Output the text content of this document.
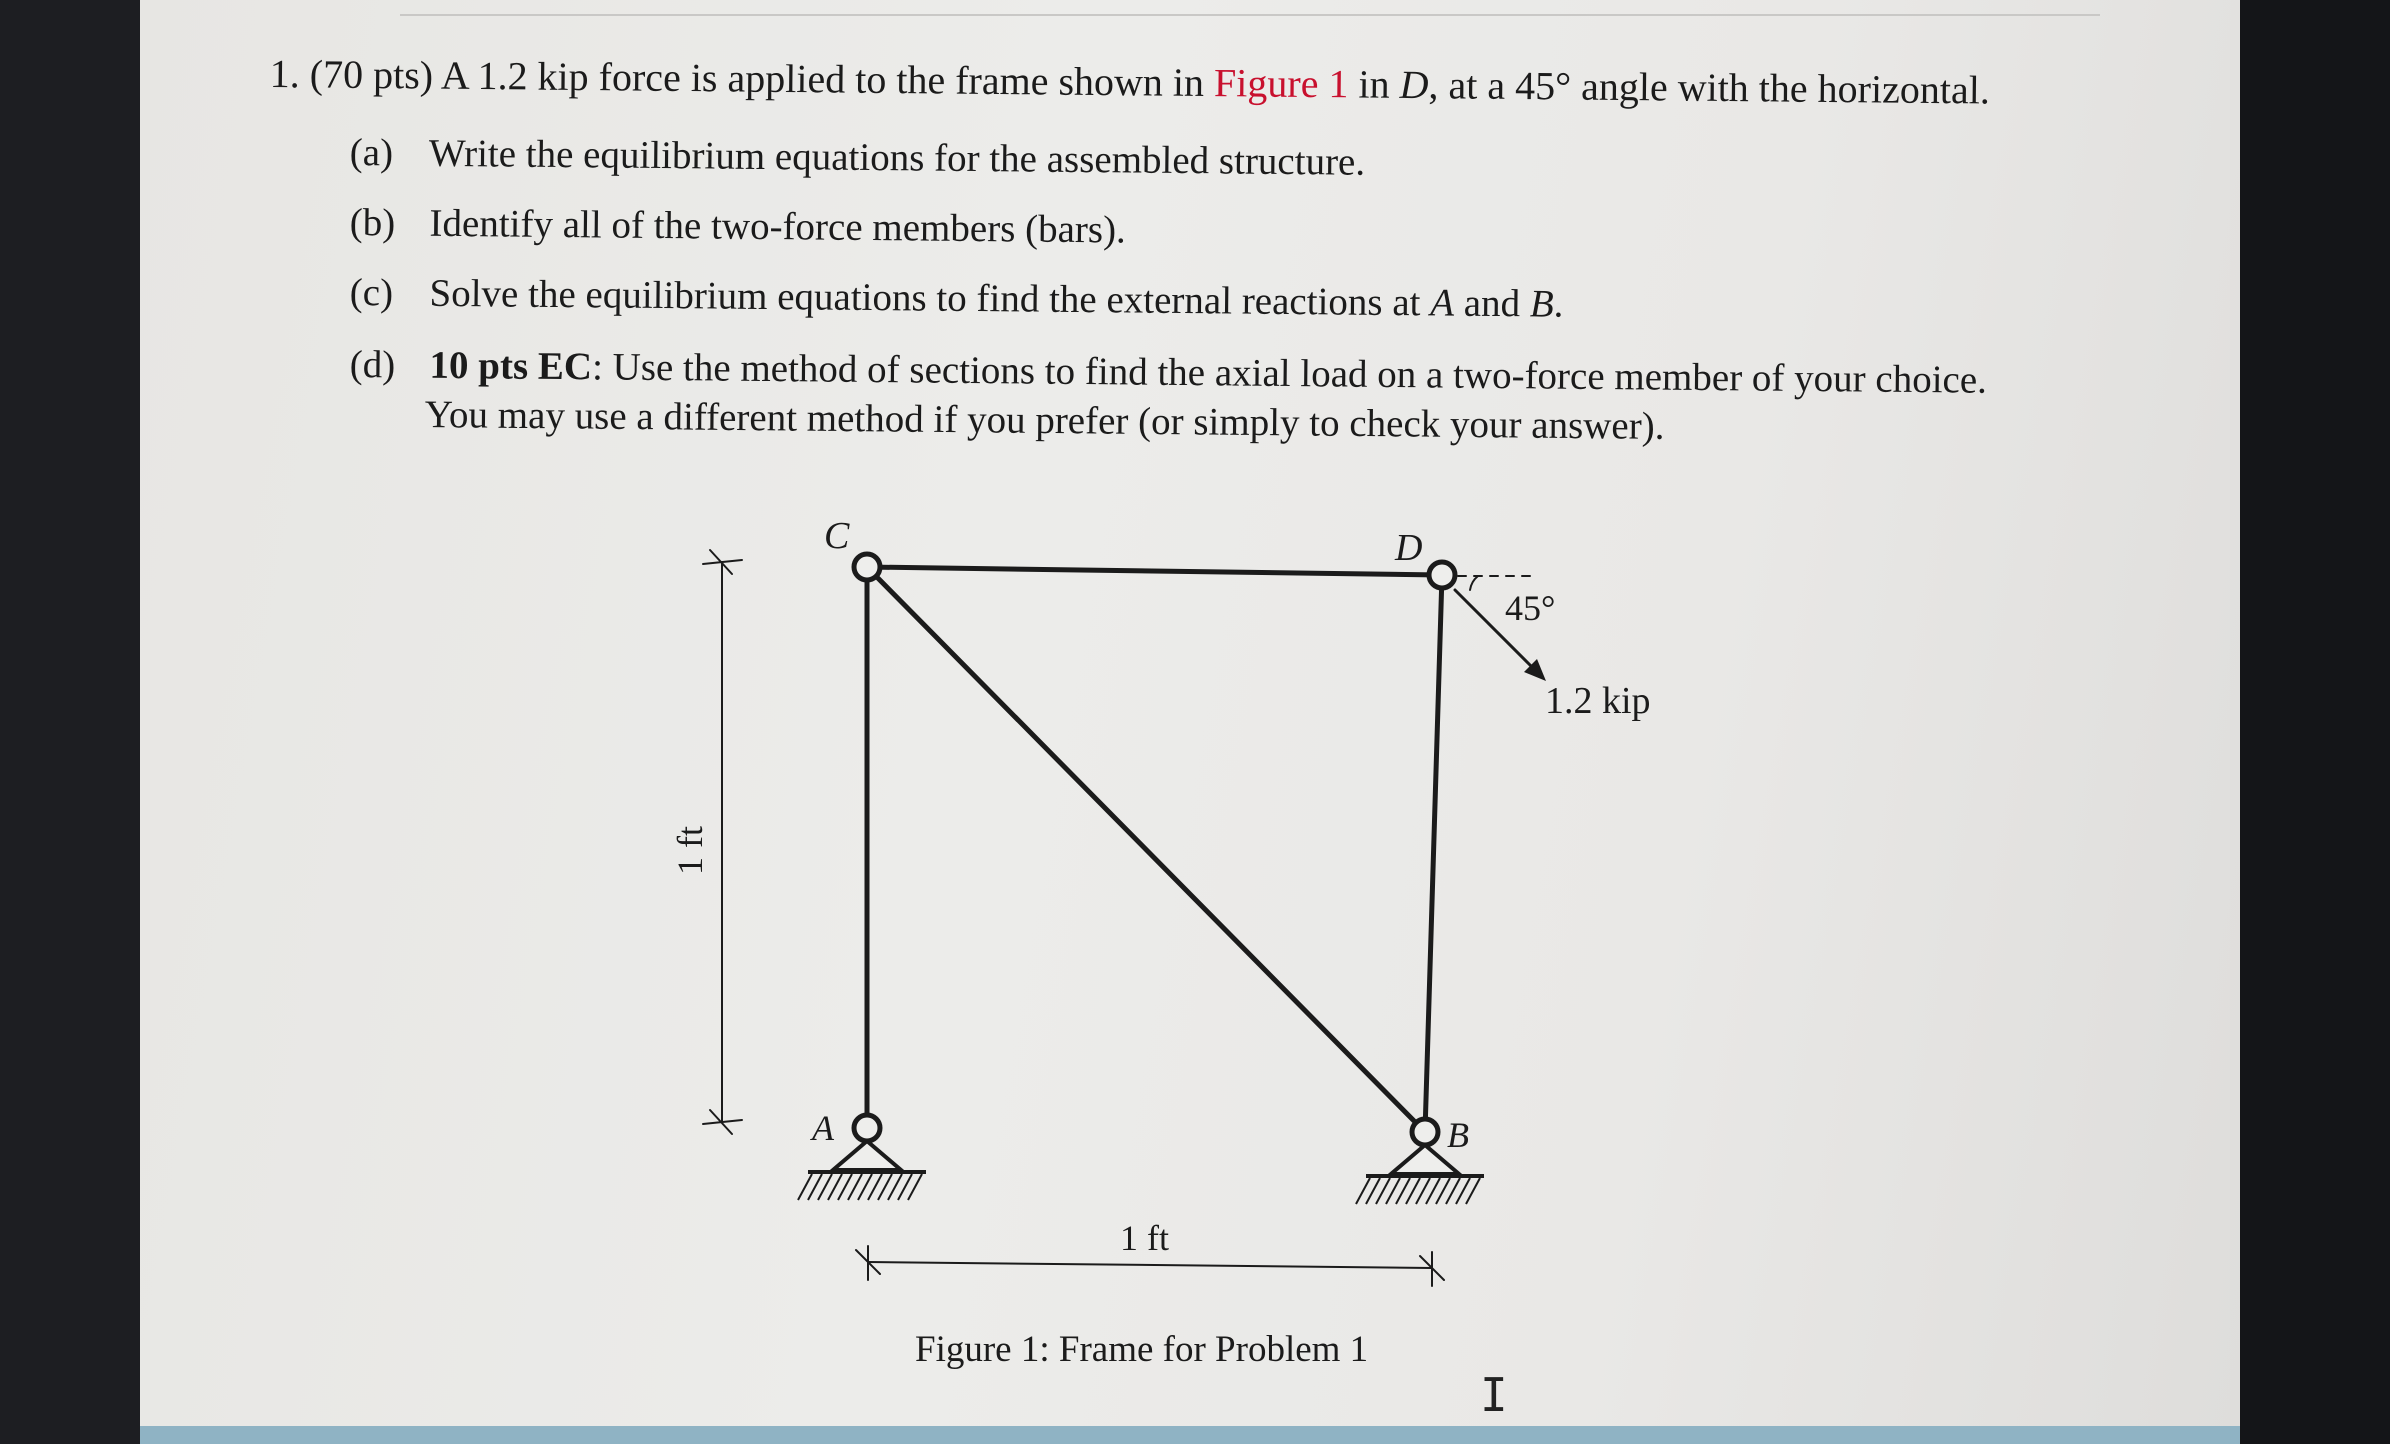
1. (70 pts) A 1.2 kip force is applied to the frame shown in Figure 1 in D, at a 45° angle with the horizontal.
(a) Write the equilibrium equations for the assembled structure.
(b) Identify all of the two-force members (bars).
(c) Solve the equilibrium equations to find the external reactions at A and B.
(d) 10 pts EC: Use the method of sections to find the axial load on a two-force member of your choice.
You may use a different method if you prefer (or simply to check your answer).
C	D
A	B
45°
1.2 kip
1 ft
1 ft
Figure 1: Frame for Problem 1
I
